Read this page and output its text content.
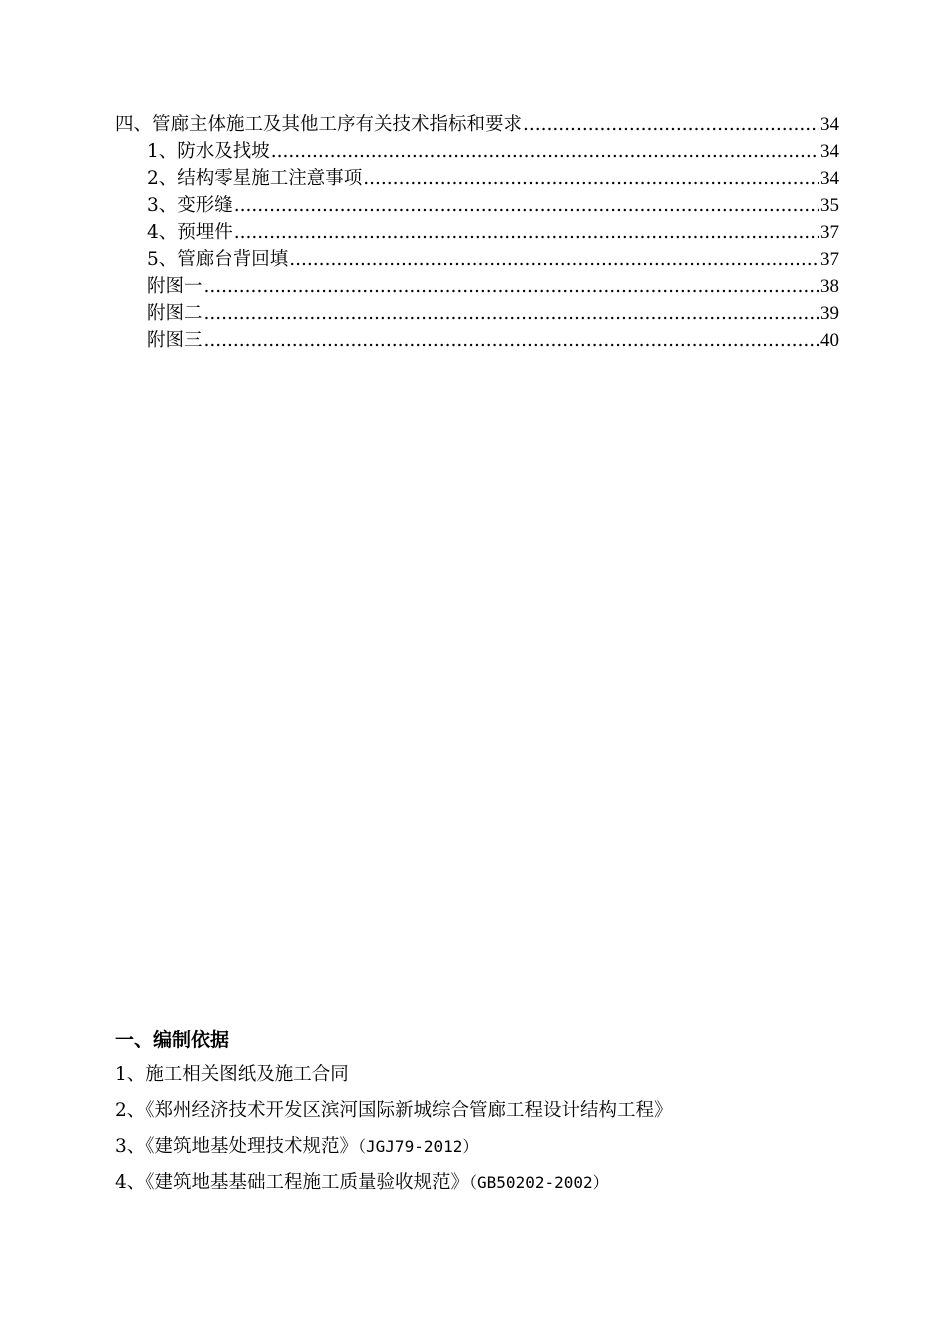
四、管廊主体施工及其他工序有关技术指标和要求 .....	34
1、防水及找坡 .....	34
2、结构零星施工注意事项 .....	34
3、变形缝 .....	35
4、预埋件 .....	37
5、管廊台背回填 .....	37
附图一 .....	38
附图二 .....	39
附图三 .....	40
一、编制依据
1、施工相关图纸及施工合同
2、《郑州经济技术开发区滨河国际新城综合管廊工程设计结构工程》
3、《建筑地基处理技术规范》（JGJ79-2012）
4、《建筑地基基础工程施工质量验收规范》（GB50202-2002）
